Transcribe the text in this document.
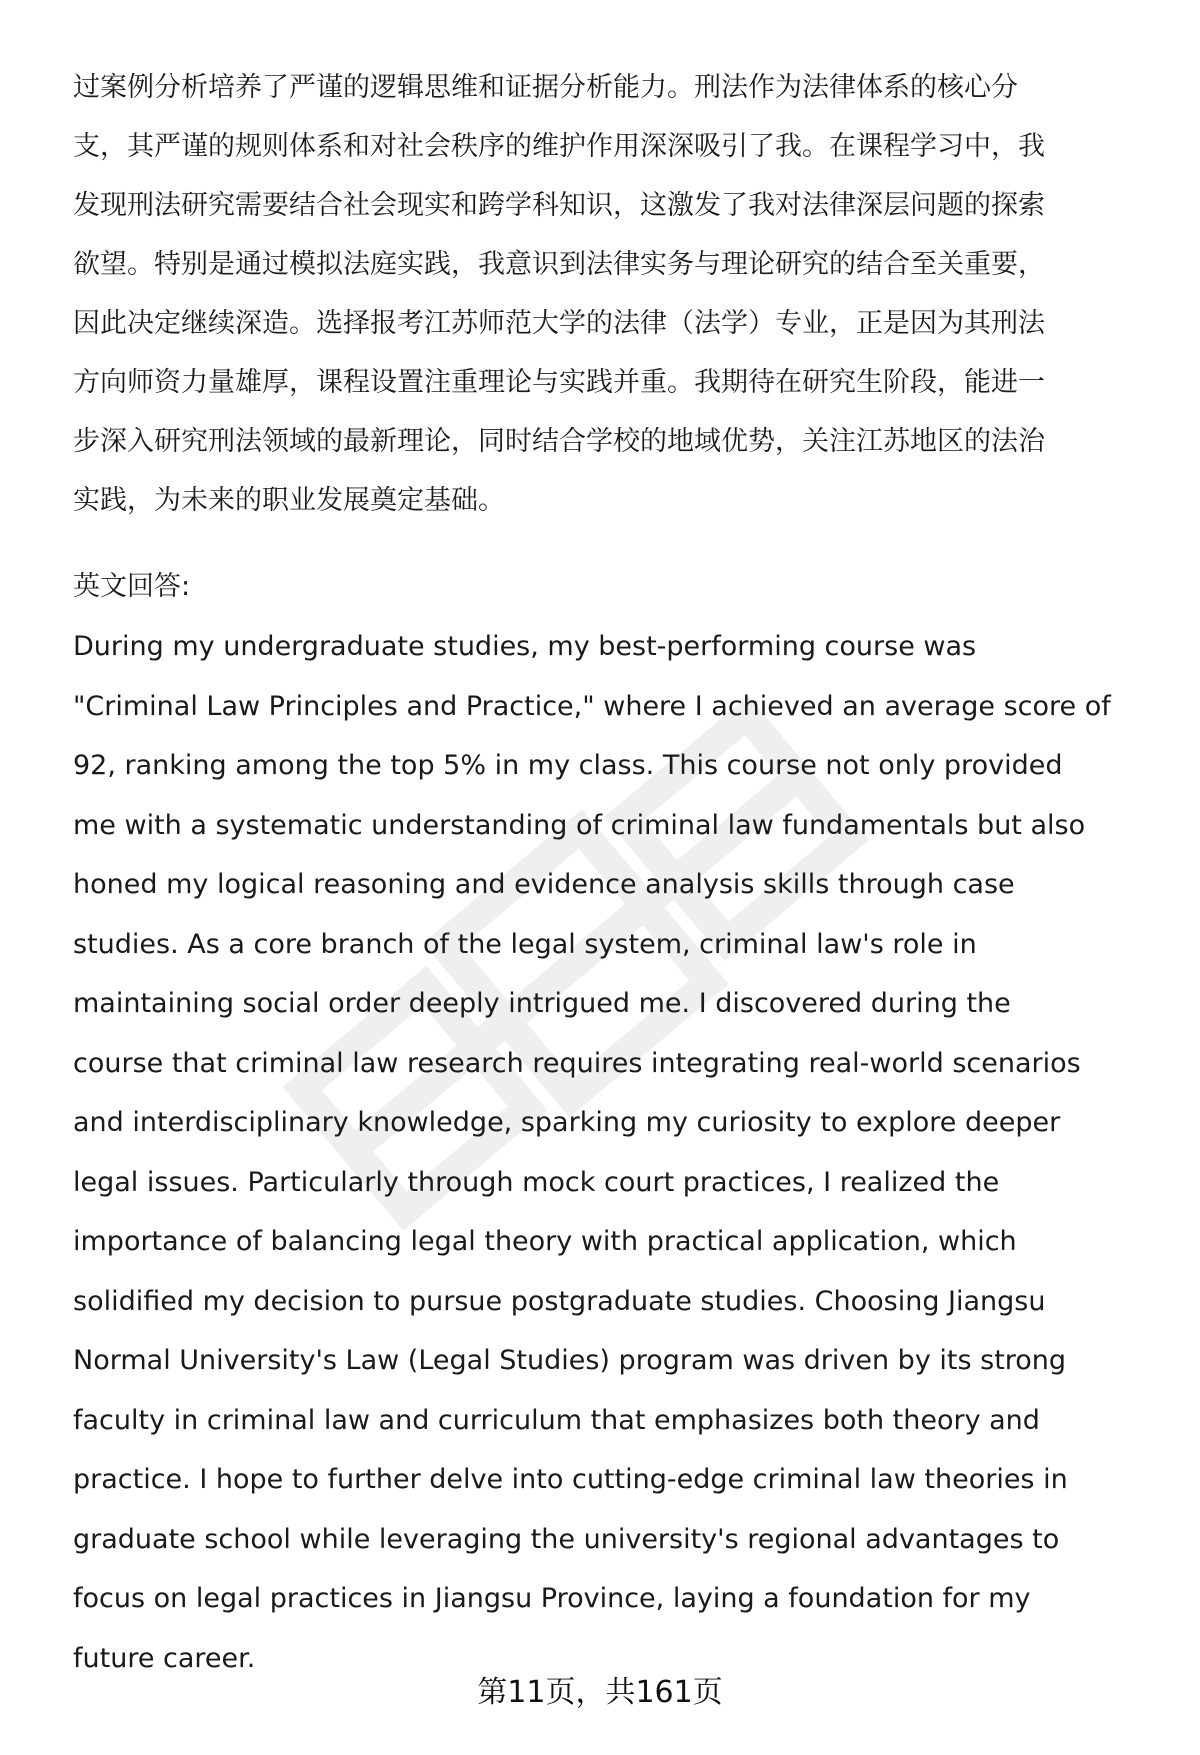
过案例分析培养了严谨的逻辑思维和证据分析能力。刑法作为法律体系的核心分
支，其严谨的规则体系和对社会秩序的维护作用深深吸引了我。在课程学习中，我
发现刑法研究需要结合社会现实和跨学科知识，这激发了我对法律深层问题的探索
欲望。特别是通过模拟法庭实践，我意识到法律实务与理论研究的结合至关重要，
因此决定继续深造。选择报考江苏师范大学的法律（法学）专业，正是因为其刑法
方向师资力量雄厚，课程设置注重理论与实践并重。我期待在研究生阶段，能进一
步深入研究刑法领域的最新理论，同时结合学校的地域优势，关注江苏地区的法治
实践，为未来的职业发展奠定基础。
英文回答:
During my undergraduate studies, my best-performing course was
"Criminal Law Principles and Practice," where I achieved an average score of
92, ranking among the top 5% in my class. This course not only provided
me with a systematic understanding of criminal law fundamentals but also
honed my logical reasoning and evidence analysis skills through case
studies. As a core branch of the legal system, criminal law's role in
maintaining social order deeply intrigued me. I discovered during the
course that criminal law research requires integrating real-world scenarios
and interdisciplinary knowledge, sparking my curiosity to explore deeper
legal issues. Particularly through mock court practices, I realized the
importance of balancing legal theory with practical application, which
solidified my decision to pursue postgraduate studies. Choosing Jiangsu
Normal University's Law (Legal Studies) program was driven by its strong
faculty in criminal law and curriculum that emphasizes both theory and
practice. I hope to further delve into cutting-edge criminal law theories in
graduate school while leveraging the university's regional advantages to
focus on legal practices in Jiangsu Province, laying a foundation for my
future career.
第11页，共161页
